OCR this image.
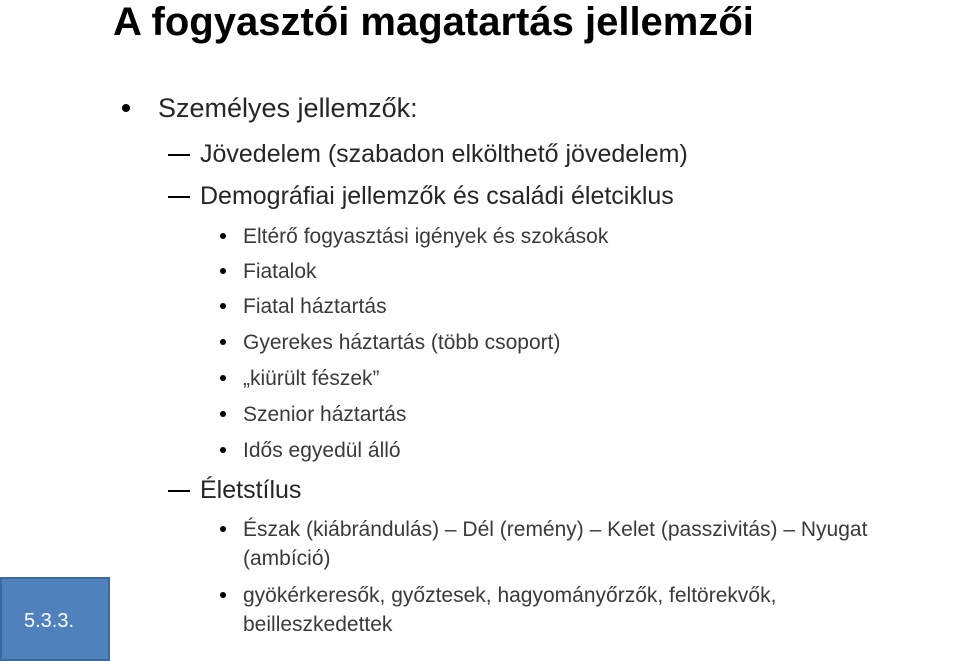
A fogyasztói magatartás jellemzői
5.3.3.
Személyes jellemzők:
Jövedelem (szabadon elkölthető jövedelem)
Demográfiai jellemzők és családi életciklus
Eltérő fogyasztási igények és szokások
Fiatalok
Fiatal háztartás
Gyerekes háztartás (több csoport)
„kiürült fészek”
Szenior háztartás
Idős egyedül álló
Életstílus
Észak (kiábrándulás) – Dél (remény) – Kelet (passzivitás) – Nyugat
(ambíció)
gyökérkeresők, győztesek, hagyományőrzők, feltörekvők,
beilleszkedettek
